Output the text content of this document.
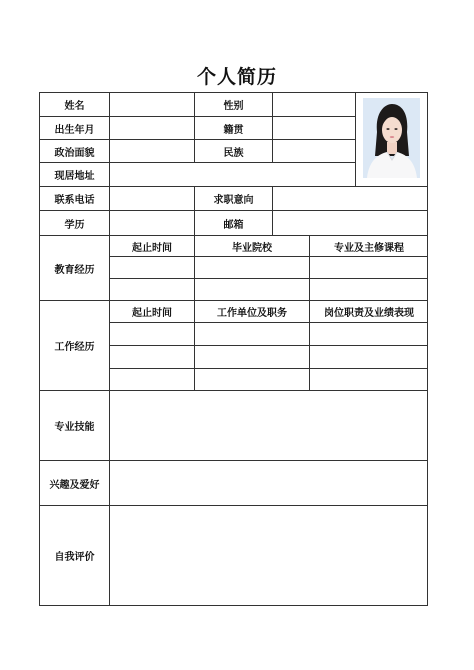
个人简历
姓名	性别
出生年月	籍贯
政治面貌	民族
现居地址
联系电话	求职意向
学历	邮箱
教育经历
起止时间	毕业院校	专业及主修课程
工作经历
起止时间	工作单位及职务	岗位职责及业绩表现
专业技能
兴趣及爱好
自我评价
